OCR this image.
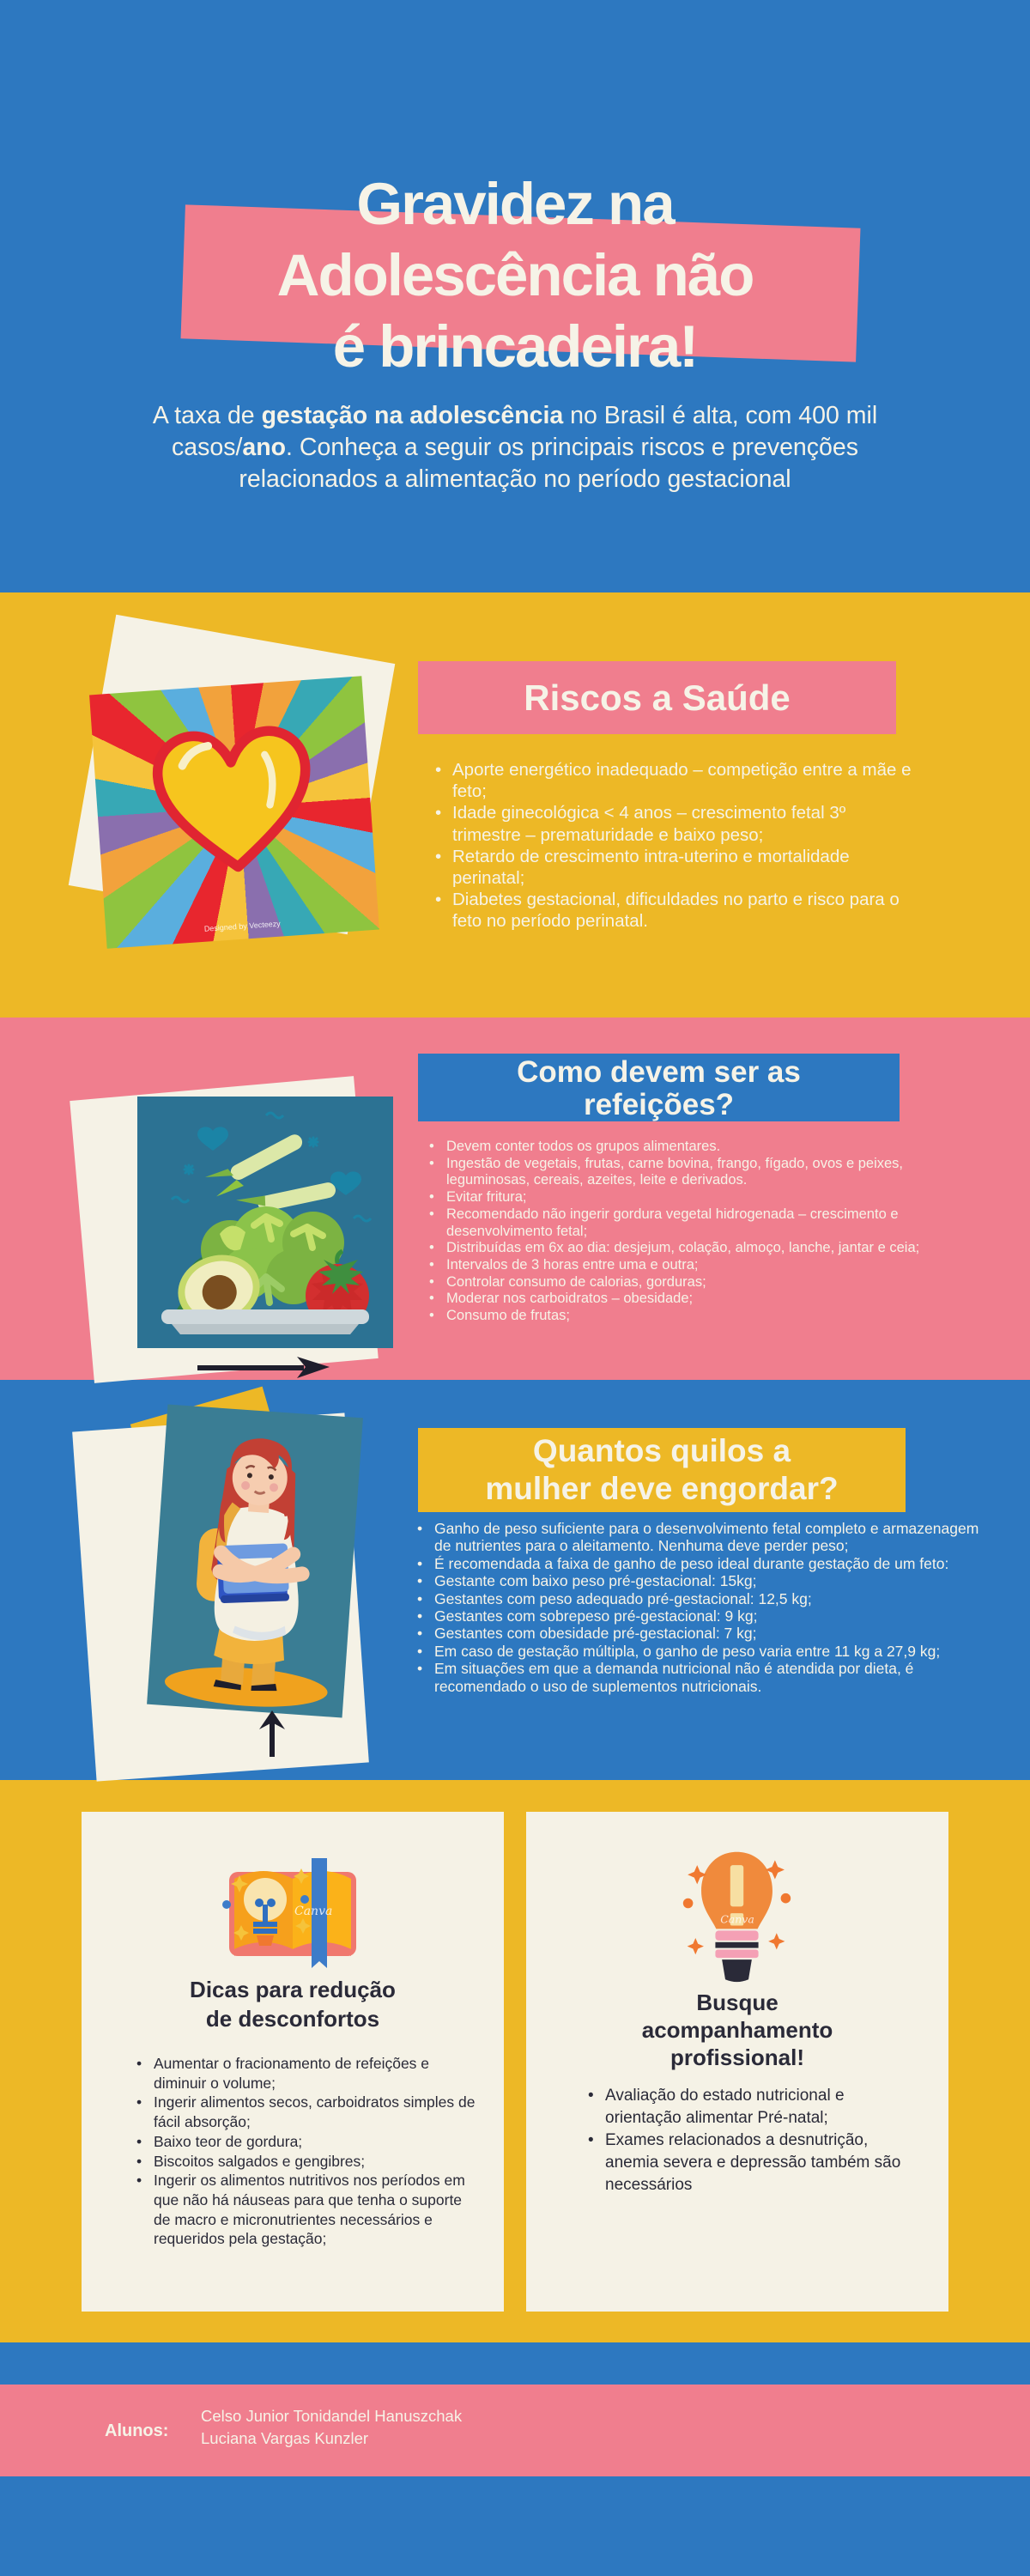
Gravidez na
Adolescência não
é brincadeira!

A taxa de gestação na adolescência no Brasil é alta, com 400 mil casos/ano. Conheça a seguir os principais riscos e prevenções relacionados a alimentação no período gestacional

Designed by Vecteezy
Riscos a Saúde
• Aporte energético inadequado – competição entre a mãe e feto;
• Idade ginecológica < 4 anos – crescimento fetal 3º trimestre – prematuridade e baixo peso;
• Retardo de crescimento intra-uterino e mortalidade perinatal;
• Diabetes gestacional, dificuldades no parto e risco para o feto no período perinatal.
Como devem ser as
refeições?
• Devem conter todos os grupos alimentares.
• Ingestão de vegetais, frutas, carne bovina, frango, fígado, ovos e peixes, leguminosas, cereais, azeites, leite e derivados.
• Evitar fritura;
• Recomendado não ingerir gordura vegetal hidrogenada – crescimento e desenvolvimento fetal;
• Distribuídas em 6x ao dia: desjejum, colação, almoço, lanche, jantar e ceia;
• Intervalos de 3 horas entre uma e outra;
• Controlar consumo de calorias, gorduras;
• Moderar nos carboidratos – obesidade;
• Consumo de frutas;
Quantos quilos a
mulher deve engordar?
• Ganho de peso suficiente para o desenvolvimento fetal completo e armazenagem de nutrientes para o aleitamento. Nenhuma deve perder peso;
• É recomendada a faixa de ganho de peso ideal durante gestação de um feto:
• Gestante com baixo peso pré-gestacional: 15kg;
• Gestantes com peso adequado pré-gestacional: 12,5 kg;
• Gestantes com sobrepeso pré-gestacional: 9 kg;
• Gestantes com obesidade pré-gestacional: 7 kg;
• Em caso de gestação múltipla, o ganho de peso varia entre 11 kg a 27,9 kg;
• Em situações em que a demanda nutricional não é atendida por dieta, é recomendado o uso de suplementos nutricionais.
Canva
Dicas para redução
de desconfortos
• Aumentar o fracionamento de refeições e diminuir o volume;
• Ingerir alimentos secos, carboidratos simples de fácil absorção;
• Baixo teor de gordura;
• Biscoitos salgados e gengibres;
• Ingerir os alimentos nutritivos nos períodos em que não há náuseas para que tenha o suporte de macro e micronutrientes necessários e requeridos pela gestação;
Canva
Busque
acompanhamento
profissional!
• Avaliação do estado nutricional e orientação alimentar Pré-natal;
• Exames relacionados a desnutrição, anemia severa e depressão também são necessários
Alunos:
Celso Junior Tonidandel Hanuszchak
Luciana Vargas Kunzler
